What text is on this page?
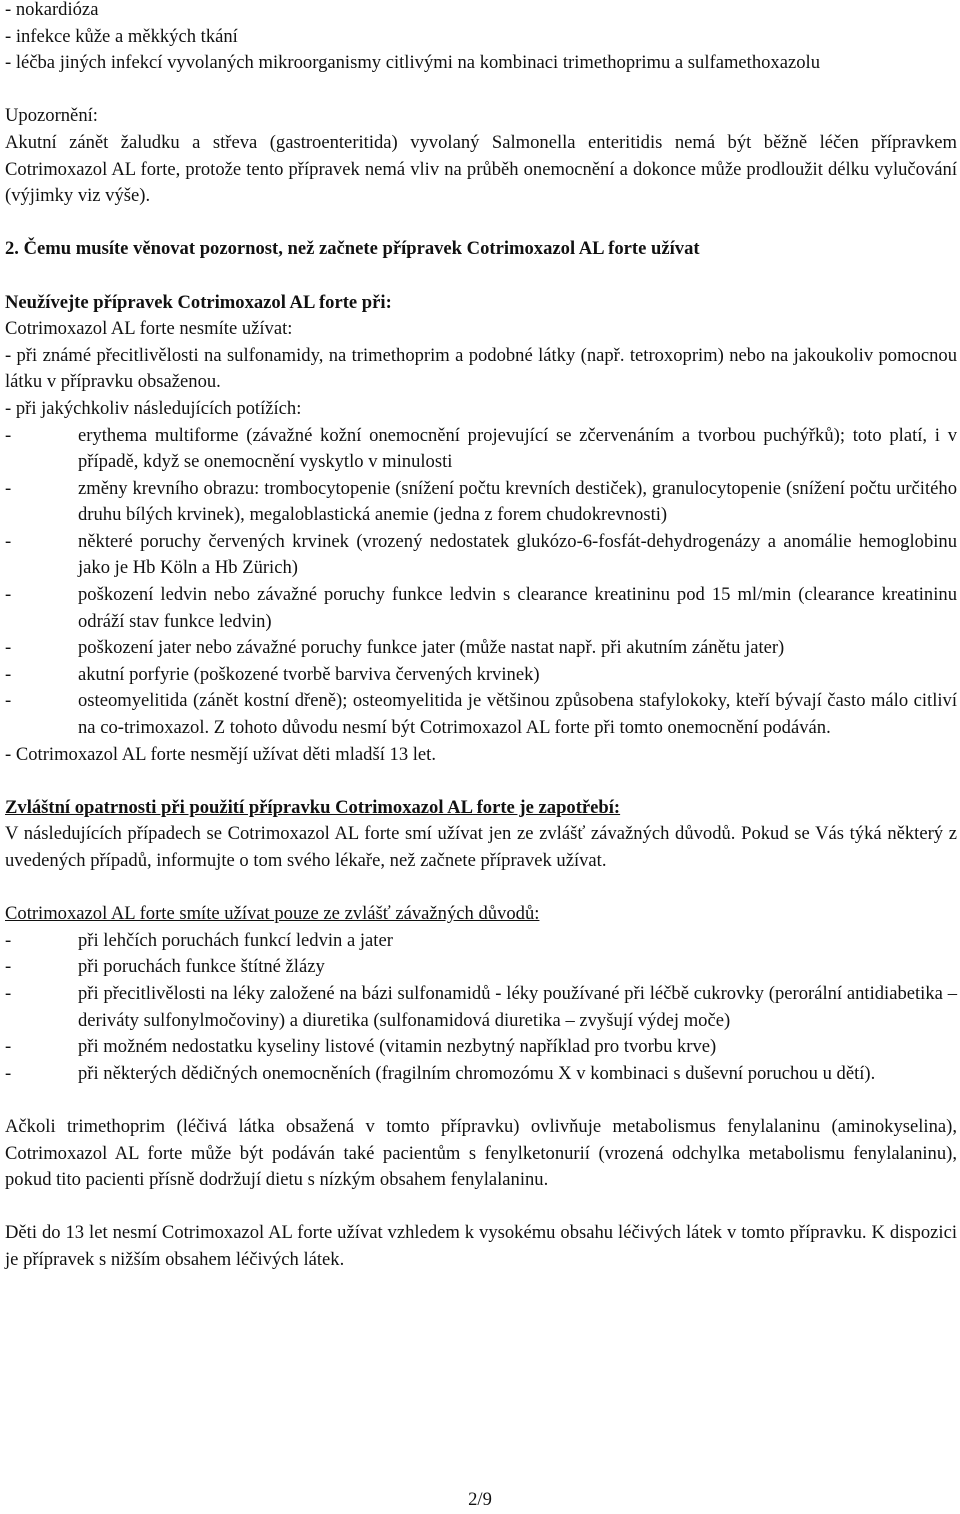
- nokardióza

- infekce kůže a měkkých tkání

- léčba jiných infekcí vyvolaných mikroorganismy citlivými na kombinaci trimethoprimu a sulfamethoxazolu

Upozornění:

Akutní zánět žaludku a střeva (gastroenteritida) vyvolaný Salmonella enteritidis nemá být běžně léčen přípravkem Cotrimoxazol AL forte, protože tento přípravek nemá vliv na průběh onemocnění a dokonce může prodloužit délku vylučování (výjimky viz výše).

2. Čemu musíte věnovat pozornost, než začnete přípravek Cotrimoxazol AL forte užívat

Neužívejte přípravek Cotrimoxazol AL forte při:

Cotrimoxazol AL forte nesmíte užívat:

- při známé přecitlivělosti na sulfonamidy, na trimethoprim a podobné látky (např. tetroxoprim) nebo na jakoukoliv pomocnou látku v přípravku obsaženou.

- při jakýchkoliv následujících potížích:

-	erythema multiforme (závažné kožní onemocnění projevující se zčervenáním a tvorbou puchýřků); toto platí, i v případě, když se onemocnění vyskytlo v minulosti
-	změny krevního obrazu: trombocytopenie (snížení počtu krevních destiček), granulocytopenie (snížení počtu určitého druhu bílých krvinek), megaloblastická anemie (jedna z forem chudokrevnosti)
-	některé poruchy červených krvinek (vrozený nedostatek glukózo-6-fosfát-dehydrogenázy a anomálie hemoglobinu jako je Hb Köln a Hb Zürich)
-	poškození ledvin nebo závažné poruchy funkce ledvin s clearance kreatininu pod 15 ml/min (clearance kreatininu odráží stav funkce ledvin)
-	poškození jater nebo závažné poruchy funkce jater (může nastat např. při akutním zánětu jater)
-	akutní porfyrie (poškozené tvorbě barviva červených krvinek)
-	osteomyelitida (zánět kostní dřeně); osteomyelitida je většinou způsobena stafylokoky, kteří bývají často málo citliví na co-trimoxazol. Z tohoto důvodu nesmí být Cotrimoxazol AL forte při tomto onemocnění podáván.

- Cotrimoxazol AL forte nesmějí užívat děti mladší 13 let.

Zvláštní opatrnosti při použití přípravku Cotrimoxazol AL forte je zapotřebí:

V následujících případech se Cotrimoxazol AL forte smí užívat jen ze zvlášť závažných důvodů. Pokud se Vás týká některý z uvedených případů, informujte o tom svého lékaře, než začnete přípravek užívat.

Cotrimoxazol AL forte smíte užívat pouze ze zvlášť závažných důvodů:

-	při lehčích poruchách funkcí ledvin a jater
-	při poruchách funkce štítné žlázy
-	při přecitlivělosti na léky založené na bázi sulfonamidů - léky používané při léčbě cukrovky (perorální antidiabetika – deriváty sulfonylmočoviny) a diuretika (sulfonamidová diuretika – zvyšují výdej moče)
-	při možném nedostatku kyseliny listové (vitamin nezbytný například pro tvorbu krve)
-	při některých dědičných onemocněních (fragilním chromozómu X v kombinaci s duševní poruchou u dětí).

Ačkoli trimethoprim (léčivá látka obsažená v tomto přípravku) ovlivňuje metabolismus fenylalaninu (aminokyselina), Cotrimoxazol AL forte může být podáván také pacientům s fenylketonurií (vrozená odchylka metabolismu fenylalaninu), pokud tito pacienti přísně dodržují dietu s nízkým obsahem fenylalaninu.

Děti do 13 let nesmí Cotrimoxazol AL forte užívat vzhledem k vysokému obsahu léčivých látek v tomto přípravku. K dispozici je přípravek s nižším obsahem léčivých látek.

2/9
